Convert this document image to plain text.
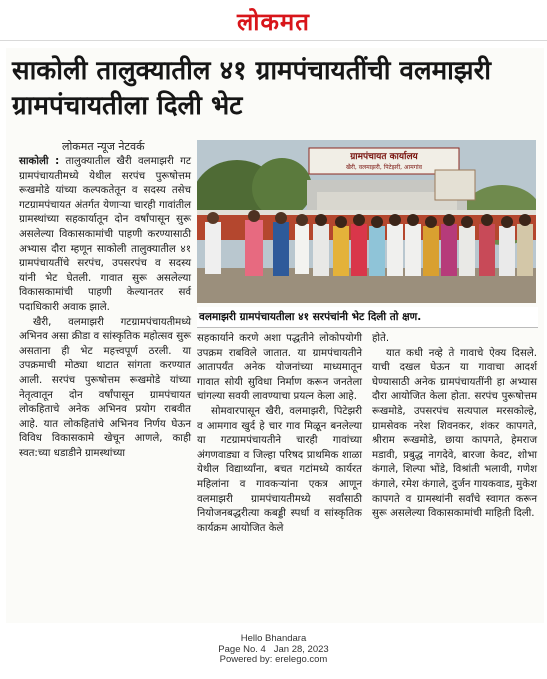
लोकमत
साकोली तालुक्यातील ४१ ग्रामपंचायतींची वलमाझरी ग्रामपंचायतीला दिली भेट
लोकमत न्यूज नेटवर्क

साकोली : तालुक्यातील खैरी वलमाझरी गट ग्रामपंचायतीमध्ये येथील सरपंच पुरूषोत्तम रूखमोडे यांच्या कल्पकतेतून व सदस्य तसेच गटग्रामपंचायत अंतर्गत येणाऱ्या चारही गावांतील ग्रामस्थांच्या सहकार्यातून दोन वर्षांपासून सुरू असलेल्या विकासकामांची पाहणी करण्यासाठी अभ्यास दौरा म्हणून साकोली तालुक्यातील ४१ ग्रामपंचायतींचे सरपंच, उपसरपंच व सदस्य यांनी भेट घेतली. गावात सुरू असलेल्या विकासकामांची पाहणी केल्यानतर सर्व पदाधिकारी अवाक झाले.

खैरी, वलमाझरी गटग्रामपंचायतीमध्ये अभिनव असा क्रीडा व सांस्कृतिक महोत्सव सुरू असताना ही भेट महत्त्वपूर्ण ठरली. या उपक्रमाची मोठ्या थाटात सांगता करण्यात आली. सरपंच पुरूषोत्तम रूखमोडे यांच्या नेतृत्वातून दोन वर्षांपासून ग्रामपंचायत लोकहिताचे अनेक अभिनव प्रयोग राबवीत आहे. यात लोकहितांचे अभिनव निर्णय घेऊन विविध विकासकामे खेचून आणले, काही स्वत:च्या धडाडीने ग्रामस्थांच्या

ग्रामपंचायत कार्यालय
खैरी, वलमाझरी, पिटेझरी, आमगांव
वलमाझरी ग्रामपंचायतीला ४१ सरपंचांनी भेट दिली तो क्षण.

सहकार्याने करणे अशा पद्धतीने लोकोपयोगी उपक्रम राबविले जातात. या ग्रामपंचायतीने आतापर्यंत अनेक योजनांच्या माध्यमातून गावात सोयी सुविधा निर्माण करून जनतेला चांगल्या सवयी लावण्याचा प्रयत्न केला आहे.

सोमवारपासून खैरी, वलमाझरी, पिटेझरी व आमगाव खुर्द हे चार गाव मिळून बनलेल्या या गटग्रामपंचायतीने चारही गावांच्या अंगणवाड्या व जिल्हा परिषद प्राथमिक शाळा येथील विद्यार्थ्यांना, बचत गटांमध्ये कार्यरत महिलांना व गावकऱ्यांना एकत्र आणून वलमाझरी ग्रामपंचायतीमध्ये सर्वांसाठी नियोजनबद्धरीत्या कबड्डी स्पर्धा व सांस्कृतिक कार्यक्रम आयोजित केले

होते.

यात कधी नव्हे ते गावाचे ऐक्य दिसले. याची दखल घेऊन या गावाचा आदर्श घेण्यासाठी अनेक ग्रामपंचायतींनी हा अभ्यास दौरा आयोजित केला होता. सरपंच पुरूषोत्तम रूखमोडे, उपसरपंच सत्यपाल मरसकोल्हे, ग्रामसेवक नरेश शिवनकर, शंकर कापगते, श्रीराम रूखमोडे, छाया कापगते, हेमराज मडावी, प्रबुद्ध नागदेवे, बारजा केवट, शोभा कंगाले, शिल्पा भोंडे, विश्रांती भलावी, गणेश कंगाले, रमेश कंगाले, दुर्जन गायकवाड, मुकेश कापगते व ग्रामस्थांनी सर्वांचे स्वागत करून सुरू असलेल्या विकासकामांची माहिती दिली.

Hello Bhandara
Page No. 4   Jan 28, 2023
Powered by: erelego.com
